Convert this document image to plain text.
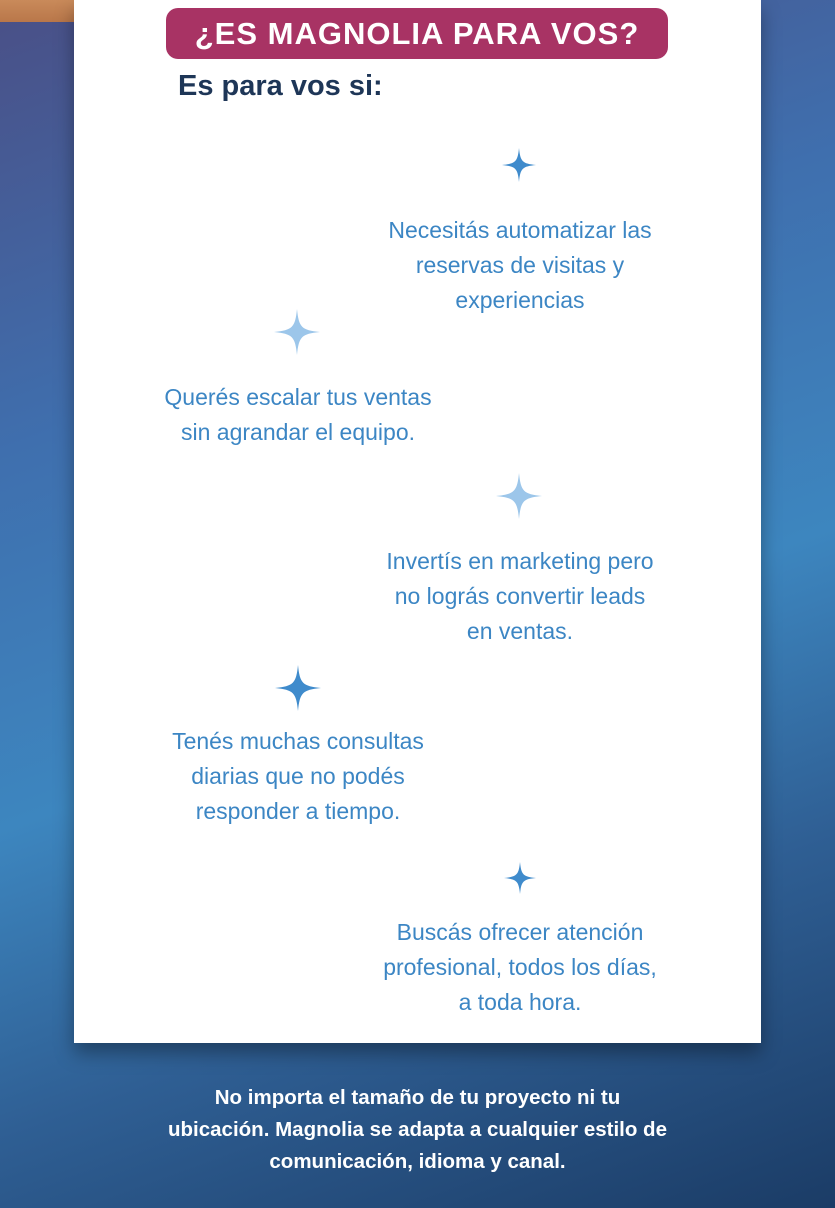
¿ES MAGNOLIA PARA VOS?
Es para vos si:
Necesitás automatizar las
reservas de visitas y
experiencias
Querés escalar tus ventas
sin agrandar el equipo.
Invertís en marketing pero
no lográs convertir leads
en ventas.
Tenés muchas consultas
diarias que no podés
responder a tiempo.
Buscás ofrecer atención
profesional, todos los días,
a toda hora.
No importa el tamaño de tu proyecto ni tu
ubicación. Magnolia se adapta a cualquier estilo de
comunicación, idioma y canal.
